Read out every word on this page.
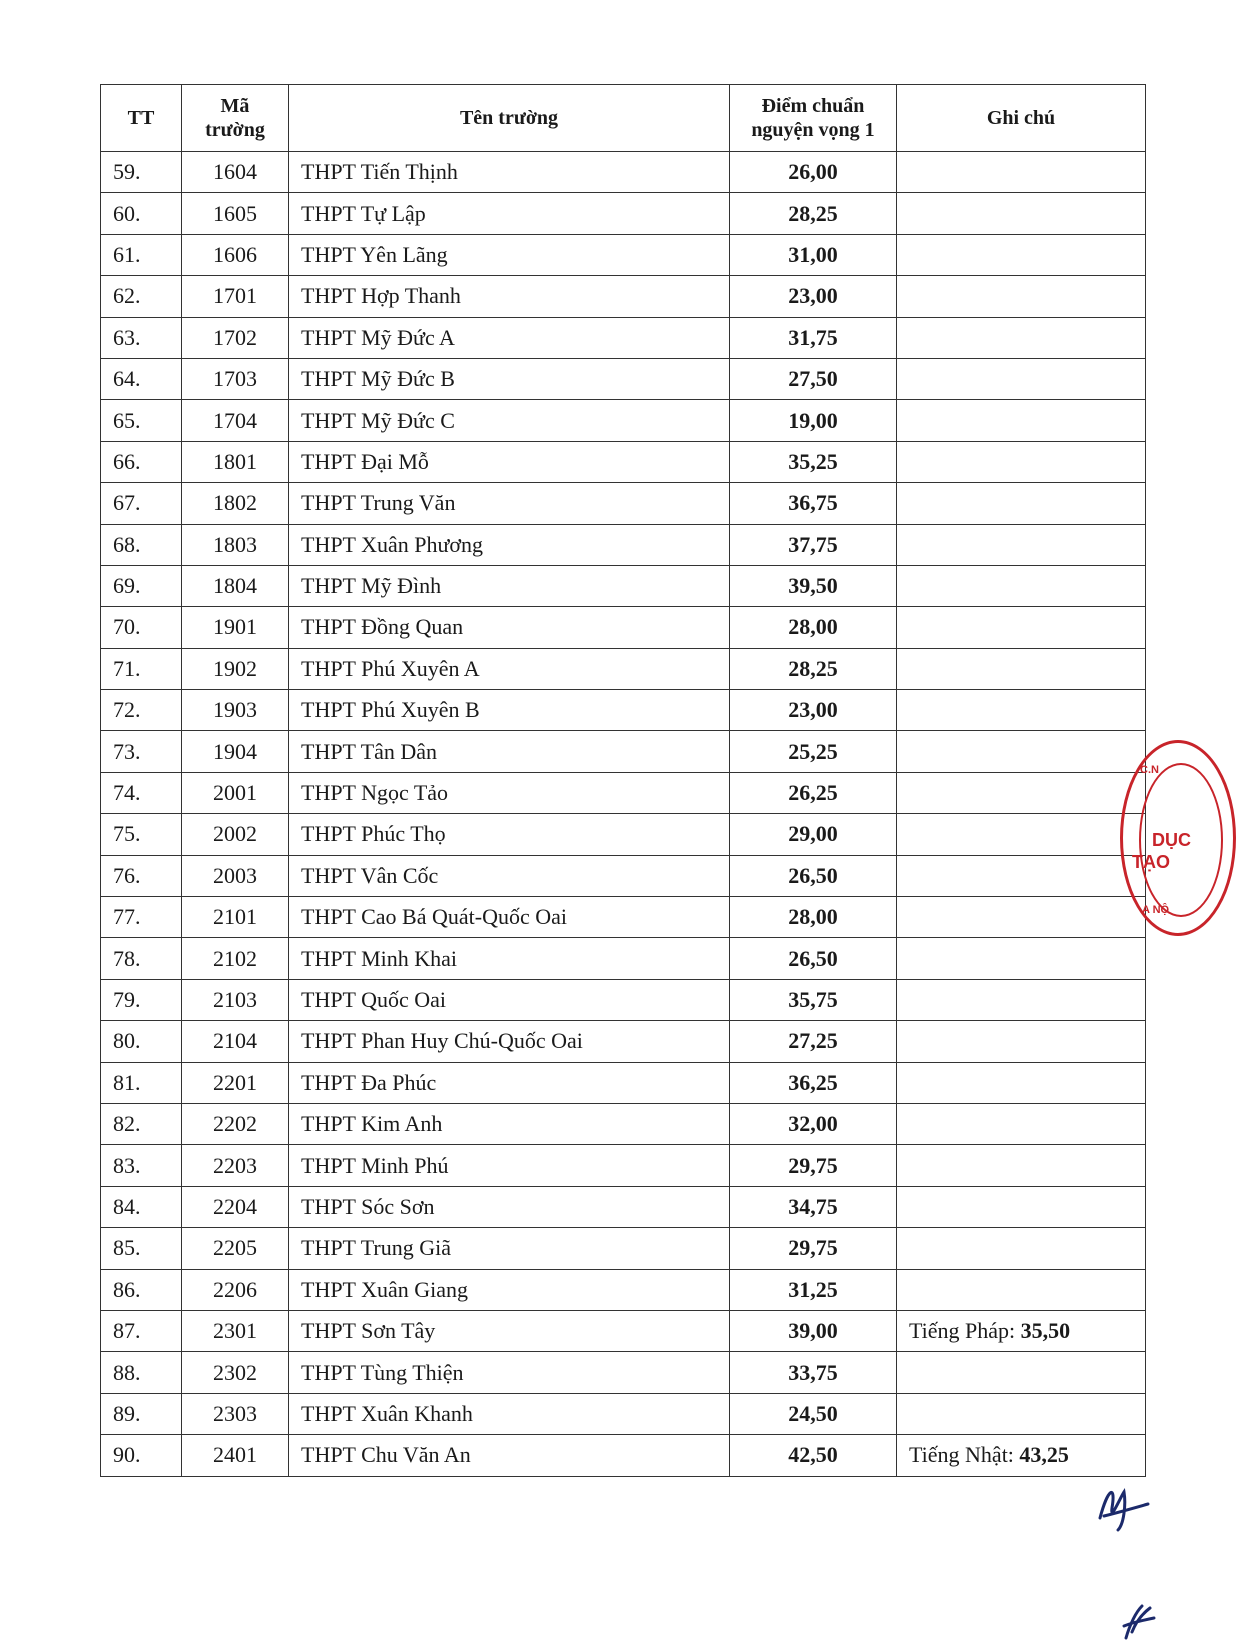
TT	Mã trường	Tên trường	Điểm chuẩn nguyện vọng 1	Ghi chú
59.	1604	THPT Tiến Thịnh	26,00	
60.	1605	THPT Tự Lập	28,25	
61.	1606	THPT Yên Lãng	31,00	
62.	1701	THPT Hợp Thanh	23,00	
63.	1702	THPT Mỹ Đức A	31,75	
64.	1703	THPT Mỹ Đức B	27,50	
65.	1704	THPT Mỹ Đức C	19,00	
66.	1801	THPT Đại Mỗ	35,25	
67.	1802	THPT Trung Văn	36,75	
68.	1803	THPT Xuân Phương	37,75	
69.	1804	THPT Mỹ Đình	39,50	
70.	1901	THPT Đồng Quan	28,00	
71.	1902	THPT Phú Xuyên A	28,25	
72.	1903	THPT Phú Xuyên B	23,00	
73.	1904	THPT Tân Dân	25,25	
74.	2001	THPT Ngọc Tảo	26,25	
75.	2002	THPT Phúc Thọ	29,00	
76.	2003	THPT Vân Cốc	26,50	
77.	2101	THPT Cao Bá Quát-Quốc Oai	28,00	
78.	2102	THPT Minh Khai	26,50	
79.	2103	THPT Quốc Oai	35,75	
80.	2104	THPT Phan Huy Chú-Quốc Oai	27,25	
81.	2201	THPT Đa Phúc	36,25	
82.	2202	THPT Kim Anh	32,00	
83.	2203	THPT Minh Phú	29,75	
84.	2204	THPT Sóc Sơn	34,75	
85.	2205	THPT Trung Giã	29,75	
86.	2206	THPT Xuân Giang	31,25	
87.	2301	THPT Sơn Tây	39,00	Tiếng Pháp: 35,50
88.	2302	THPT Tùng Thiện	33,75	
89.	2303	THPT Xuân Khanh	24,50	
90.	2401	THPT Chu Văn An	42,50	Tiếng Nhật: 43,25
C.N
DỤC
TẠO
A NỘ
